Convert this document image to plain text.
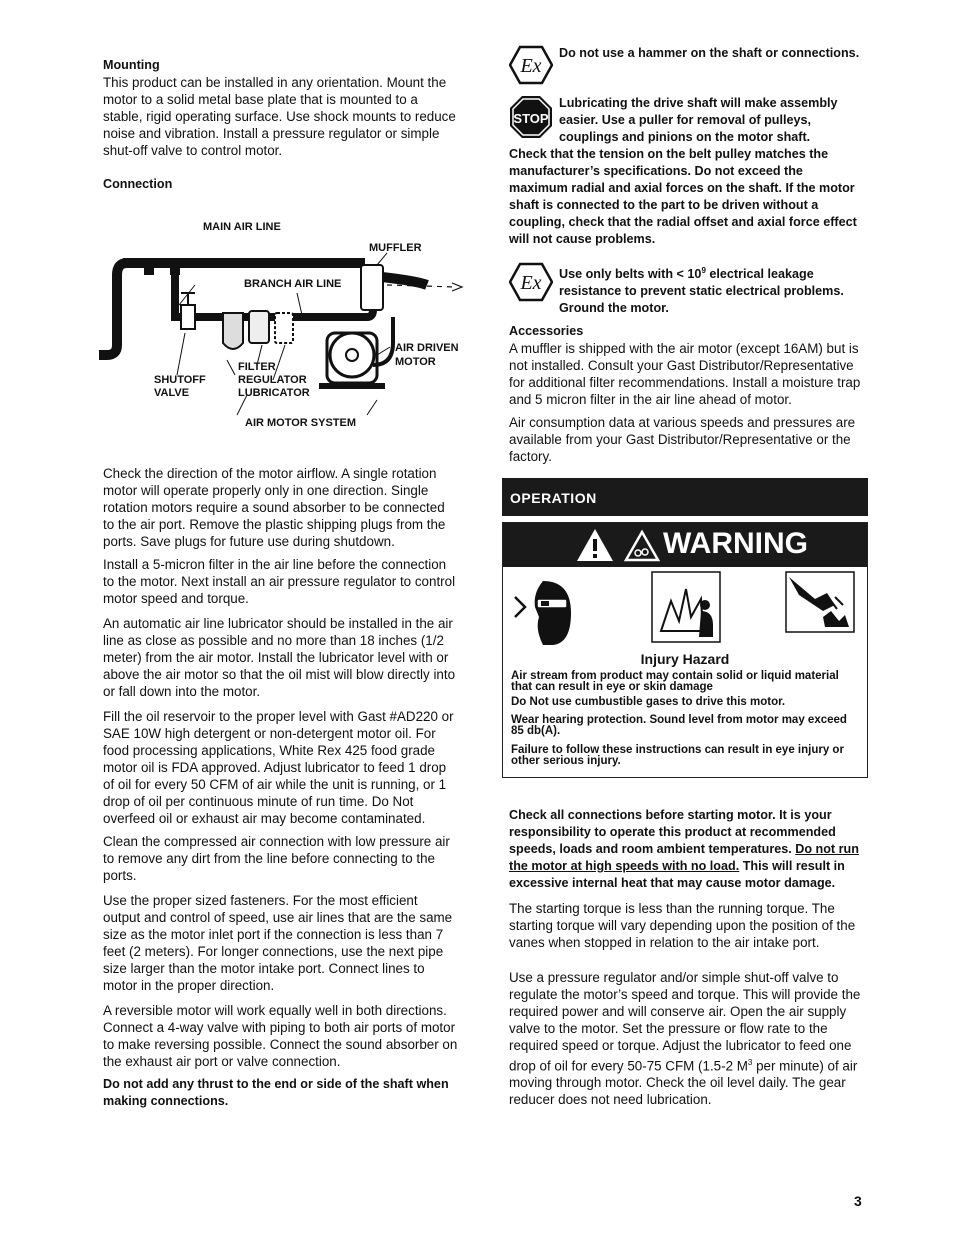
Mounting

This product can be installed in any orientation. Mount the motor to a solid metal base plate that is mounted to a stable, rigid operating surface. Use shock mounts to reduce noise and vibration. Install a pressure regulator or simple shut-off valve to control motor.

Connection
MAIN AIR LINE
MUFFLER
BRANCH AIR LINE
AIR DRIVEN
MOTOR
FILTER
REGULATOR
LUBRICATOR
SHUTOFF
VALVE
AIR MOTOR SYSTEM

Check the direction of the motor airflow. A single rotation motor will operate properly only in one direction. Single rotation motors require a sound absorber to be connected to the air port. Remove the plastic shipping plugs from the ports. Save plugs for future use during shutdown.

Install a 5-micron filter in the air line before the connection to the motor. Next install an air pressure regulator to control motor speed and torque.

An automatic air line lubricator should be installed in the air line as close as possible and no more than 18 inches (1/2 meter) from the air motor. Install the lubricator level with or above the air motor so that the oil mist will blow directly into or fall down into the motor.

Fill the oil reservoir to the proper level with Gast #AD220 or SAE 10W high detergent or non-detergent motor oil. For food processing applications, White Rex 425 food grade motor oil is FDA approved. Adjust lubricator to feed 1 drop of oil for every 50 CFM of air while the unit is running, or 1 drop of oil per continuous minute of run time. Do Not overfeed oil or exhaust air may become contaminated.

Clean the compressed air connection with low pressure air to remove any dirt from the line before connecting to the ports.

Use the proper sized fasteners. For the most efficient output and control of speed, use air lines that are the same size as the motor inlet port if the connection is less than 7 feet (2 meters). For longer connections, use the next pipe size larger than the motor intake port. Connect lines to motor in the proper direction.

A reversible motor will work equally well in both directions. Connect a 4-way valve with piping to both air ports of motor to make reversing possible. Connect the sound absorber on the exhaust air port or valve connection.

Do not add any thrust to the end or side of the shaft when making connections.

Ex
Do not use a hammer on the shaft or connections.
STOP
Lubricating the drive shaft will make assembly easier. Use a puller for removal of pulleys, couplings and pinions on the motor shaft.
Check that the tension on the belt pulley matches the manufacturer’s specifications. Do not exceed the maximum radial and axial forces on the shaft. If the motor shaft is connected to the part to be driven without a coupling, check that the radial offset and axial force effect will not cause problems.
Ex Use only belts with < $10^9$ electrical leakage resistance to prevent static electrical problems. Ground the motor.
Accessories

A muffler is shipped with the air motor (except 16AM) but is not installed. Consult your Gast Distributor/Representative for additional filter recommendations. Install a moisture trap and 5 micron filter in the air line ahead of motor.

Air consumption data at various speeds and pressures are available from your Gast Distributor/Representative or the factory.

OPERATION
WARNING
Injury Hazard
Air stream from product may contain solid or liquid material that can result in eye or skin damage
Do Not use cumbustible gases to drive this motor.
Wear hearing protection. Sound level from motor may exceed 85 db(A).
Failure to follow these instructions can result in eye injury or other serious injury.

Check all connections before starting motor. It is your responsibility to operate this product at recommended speeds, loads and room ambient temperatures. Do not run the motor at high speeds with no load. This will result in excessive internal heat that may cause motor damage.

The starting torque is less than the running torque. The starting torque will vary depending upon the position of the vanes when stopped in relation to the air intake port.

Use a pressure regulator and/or simple shut-off valve to regulate the motor’s speed and torque. This will provide the required power and will conserve air. Open the air supply valve to the motor. Set the pressure or flow rate to the required speed or torque. Adjust the lubricator to feed one drop of oil for every 50-75 CFM (1.5-2 $M^3$ per minute) of air moving through motor. Check the oil level daily. The gear reducer does not need lubrication.

3
